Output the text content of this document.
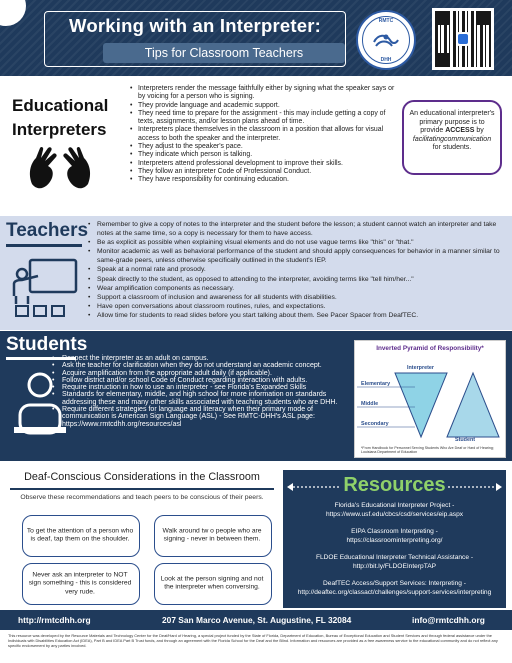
Working with an Interpreter:
Tips for Classroom Teachers
RMTC
DHH
Educational
Interpreters
• Interpreters render the message faithfully either by signing what the speaker says or by voicing for a person who is signing.
• They provide language and academic support.
• They need time to prepare for the assignment - this may include getting a copy of texts, assignments, and/or lesson plans ahead of time.
• Interpreters place themselves in the classroom in a position that allows for visual access to both the speaker and the interpreter.
• They adjust to the speaker's pace.
• They indicate which person is talking.
• Interpreters attend professional development to improve their skills.
• They follow an interpreter Code of Professional Conduct.
• They have responsibility for continuing education.
An educational interpreter's primary purpose is to provide ACCESS by facilitatingcommunication for students.
Teachers
•	Remember to give a copy of notes to the interpreter and the student before the lesson; a student cannot watch an interpreter and take notes at the same time, so a copy is necessary for them to have access.
• Be as explicit as possible when explaining visual elements and do not use vague terms like "this" or "that."
• Monitor academic as well as behavioral performance of the student and should apply consequences for behavior in a manner similar to same-grade peers, unless otherwise specifically outlined in the student's IEP.
• Speak at a normal rate and prosody.
• Speak directly to the student, as opposed to attending to the interpreter, avoiding terms like "tell him/her..."
• Wear amplification components as necessary.
• Support a classroom of inclusion and awareness for all students with disabilities.
• Have open conversations about classroom routines, rules, and expectations.
• Allow time for students to read slides before you start talking about them. See Pacer Spacer from DeafTEC.
Students
• Respect the interpreter as an adult on campus.
• Ask the teacher for clarification when they do not understand an academic concept.
• Acquire amplification from the appropriate adult daily (if applicable).
• Follow district and/or school Code of Conduct regarding interaction with adults.
• Require instruction in how to use an interpreter - see Florida's Expanded Skills
• Standards for elementary, middle, and high school for more information on standards addressing these and many other skills associated with teaching students who are DHH.
• Require different strategies for language and literacy when their primary mode of communication is American Sign Language (ASL) - See RMTC-DHH's ASL page: https://www.rmtcdhh.org/resources/asl
Inverted Pyramid of Responsibility*
Interpreter
Elementary
Middle
Secondary
Student
*From Handbook for Personnel Serving Students Who Are Deaf or Hard of Hearing; Louisiana Department of Education
Deaf-Conscious Considerations in the Classroom
Observe these recommendations and teach peers to be conscious of their peers.
To get the attention of a person who is deaf, tap them on the shoulder.
Walk around tw o people who are signing - never in between them.
Never ask an interpreter to NOT sign something - this is considered very rude.
Look at the person signing and not the interpreter when conversing.
Resources
Florida's Educational Interpreter Project -
https://www.usf.edu/cbcs/csd/services/eip.aspx
EIPA Classroom Interpreting -
https://classroominterpreting.org/
FLDOE Educational Interpreter Technical Assistance -
http://bit.ly/FLDOEInterpTAP
DeafTEC Access/Support Services: Interpreting -
http://deaftec.org/classact/challenges/support-services/interpreting
http://rmtcdhh.org	207 San Marco Avenue, St. Augustine, FL 32084	info@rmtcdhh.org
This resource was developed by the Resource Materials and Technology Center for the Deaf/Hard of Hearing, a special project funded by the State of Florida, Department of Education, Bureau of Exceptional Education and Student Services and through federal assistance under the Individuals with Disabilities Education Act (IDEA), Part B and IDEA Part B Trust funds, and through an agreement with the Florida School for the Deaf and the Blind. Information and resources are provided as a free awareness service to the educational community and do not reflect any specific endorsement by any parties involved.
